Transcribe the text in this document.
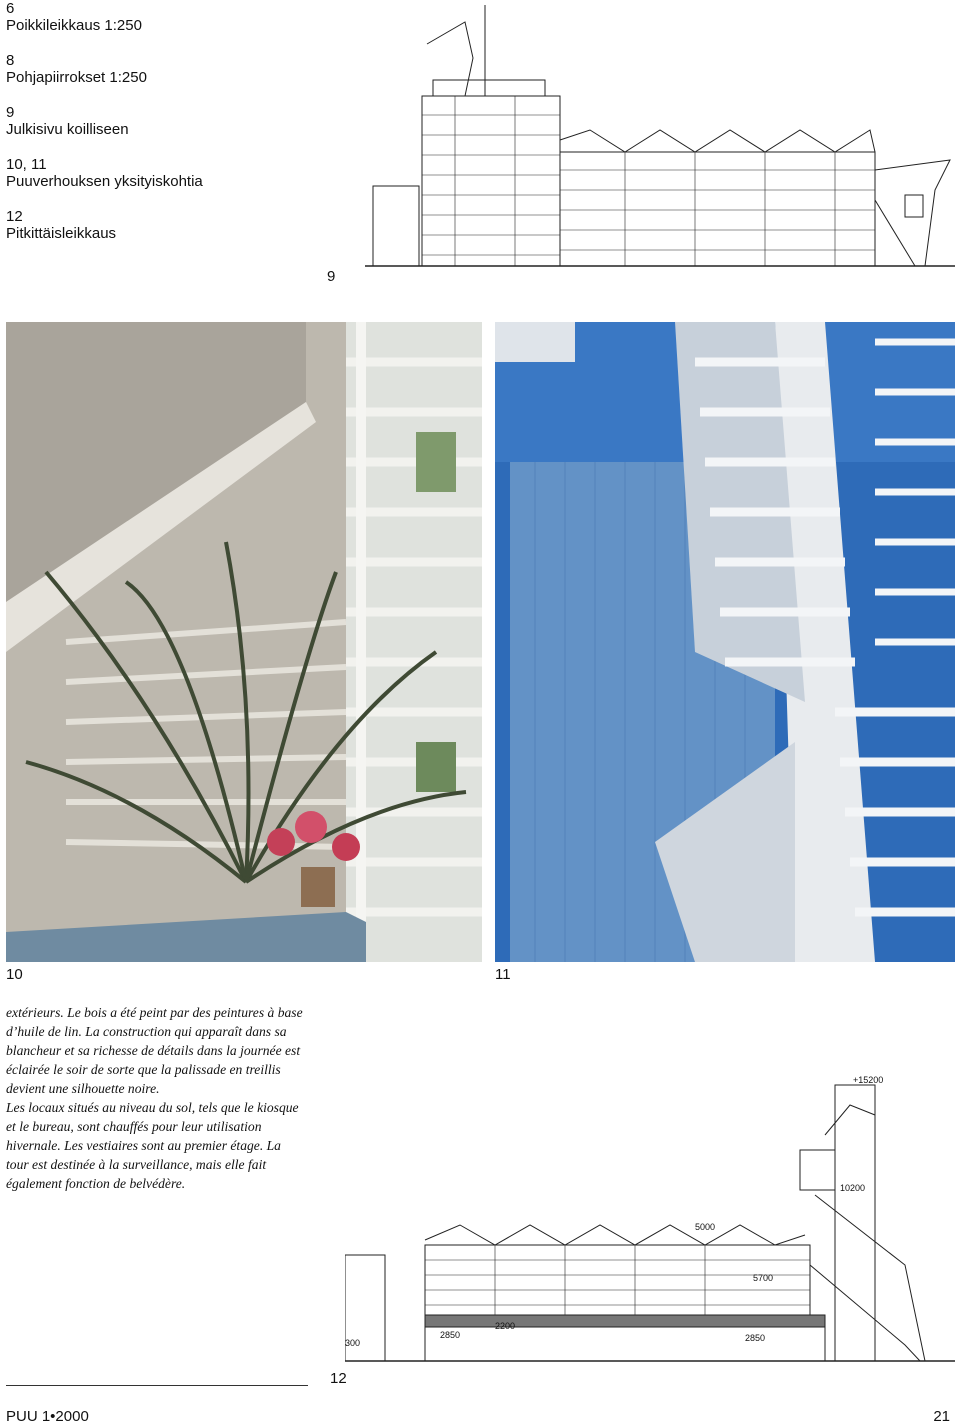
6
Poikkileikkaus 1:250
8
Pohjapiirrokset 1:250
9
Julkisivu koilliseen
10, 11
Puuverhouksen yksityiskohtia
12
Pitkittäisleikkaus
9
10	11

extérieurs. Le bois a été peint par des peintures à base d’huile de lin. La construction qui apparaît dans sa blancheur et sa richesse de détails dans la journée est éclairée le soir de sorte que la palissade en treillis devient une silhouette noire.

Les locaux situés au niveau du sol, tels que le kiosque et le bureau, sont chauffés pour leur utilisation hivernale. Les vestiaires sont au premier étage. La tour est destinée à la surveillance, mais elle fait également fonction de belvédère.

+15200
10200
5000
5700
2850	2850
300
2200
12
PUU 1•2000	21
